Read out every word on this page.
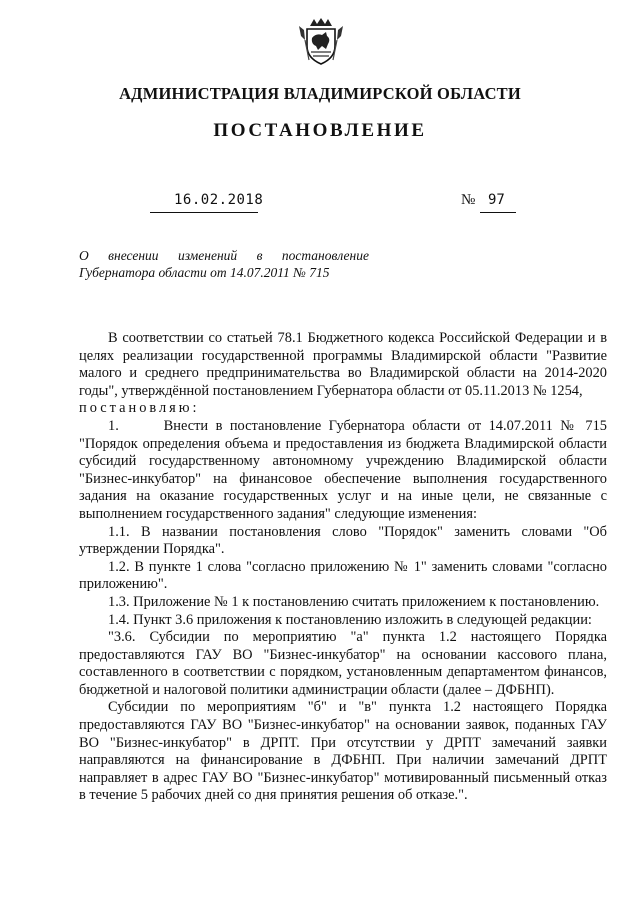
АДМИНИСТРАЦИЯ ВЛАДИМИРСКОЙ ОБЛАСТИ
ПОСТАНОВЛЕНИЕ
16.02.2018	№ 97
О внесении изменений в постановление
Губернатора области от 14.07.2011 № 715

В соответствии со статьей 78.1 Бюджетного кодекса Российской Федерации и в целях реализации государственной программы Владимирской области "Развитие малого и среднего предпринимательства во Владимирской области на 2014-2020 годы", утверждённой постановлением Губернатора области от 05.11.2013 № 1254,

постановляю:

1.      Внести в постановление Губернатора области от 14.07.2011 № 715 "Порядок определения объема и предоставления из бюджета Владимирской области субсидий государственному автономному учреждению Владимирской области "Бизнес-инкубатор" на финансовое обеспечение выполнения государственного задания на оказание государственных услуг и на иные цели, не связанные с выполнением государственного задания" следующие изменения:

1.1. В названии постановления слово "Порядок" заменить словами "Об утверждении Порядка".

1.2. В пункте 1 слова "согласно приложению № 1" заменить словами "согласно приложению".

1.3. Приложение № 1 к постановлению считать приложением к постановлению.

1.4. Пункт 3.6 приложения к постановлению изложить в следующей редакции:

"3.6. Субсидии по мероприятию "а" пункта 1.2 настоящего Порядка предоставляются ГАУ ВО "Бизнес-инкубатор" на основании кассового плана, составленного в соответствии с порядком, установленным департаментом финансов, бюджетной и налоговой политики администрации области (далее – ДФБНП).

Субсидии по мероприятиям "б" и "в" пункта 1.2 настоящего Порядка предоставляются ГАУ ВО "Бизнес-инкубатор" на основании заявок, поданных ГАУ ВО "Бизнес-инкубатор" в ДРПТ. При отсутствии у ДРПТ замечаний заявки направляются на финансирование в ДФБНП. При наличии замечаний ДРПТ направляет в адрес ГАУ ВО "Бизнес-инкубатор" мотивированный письменный отказ в течение 5 рабочих дней со дня принятия решения об отказе.".
